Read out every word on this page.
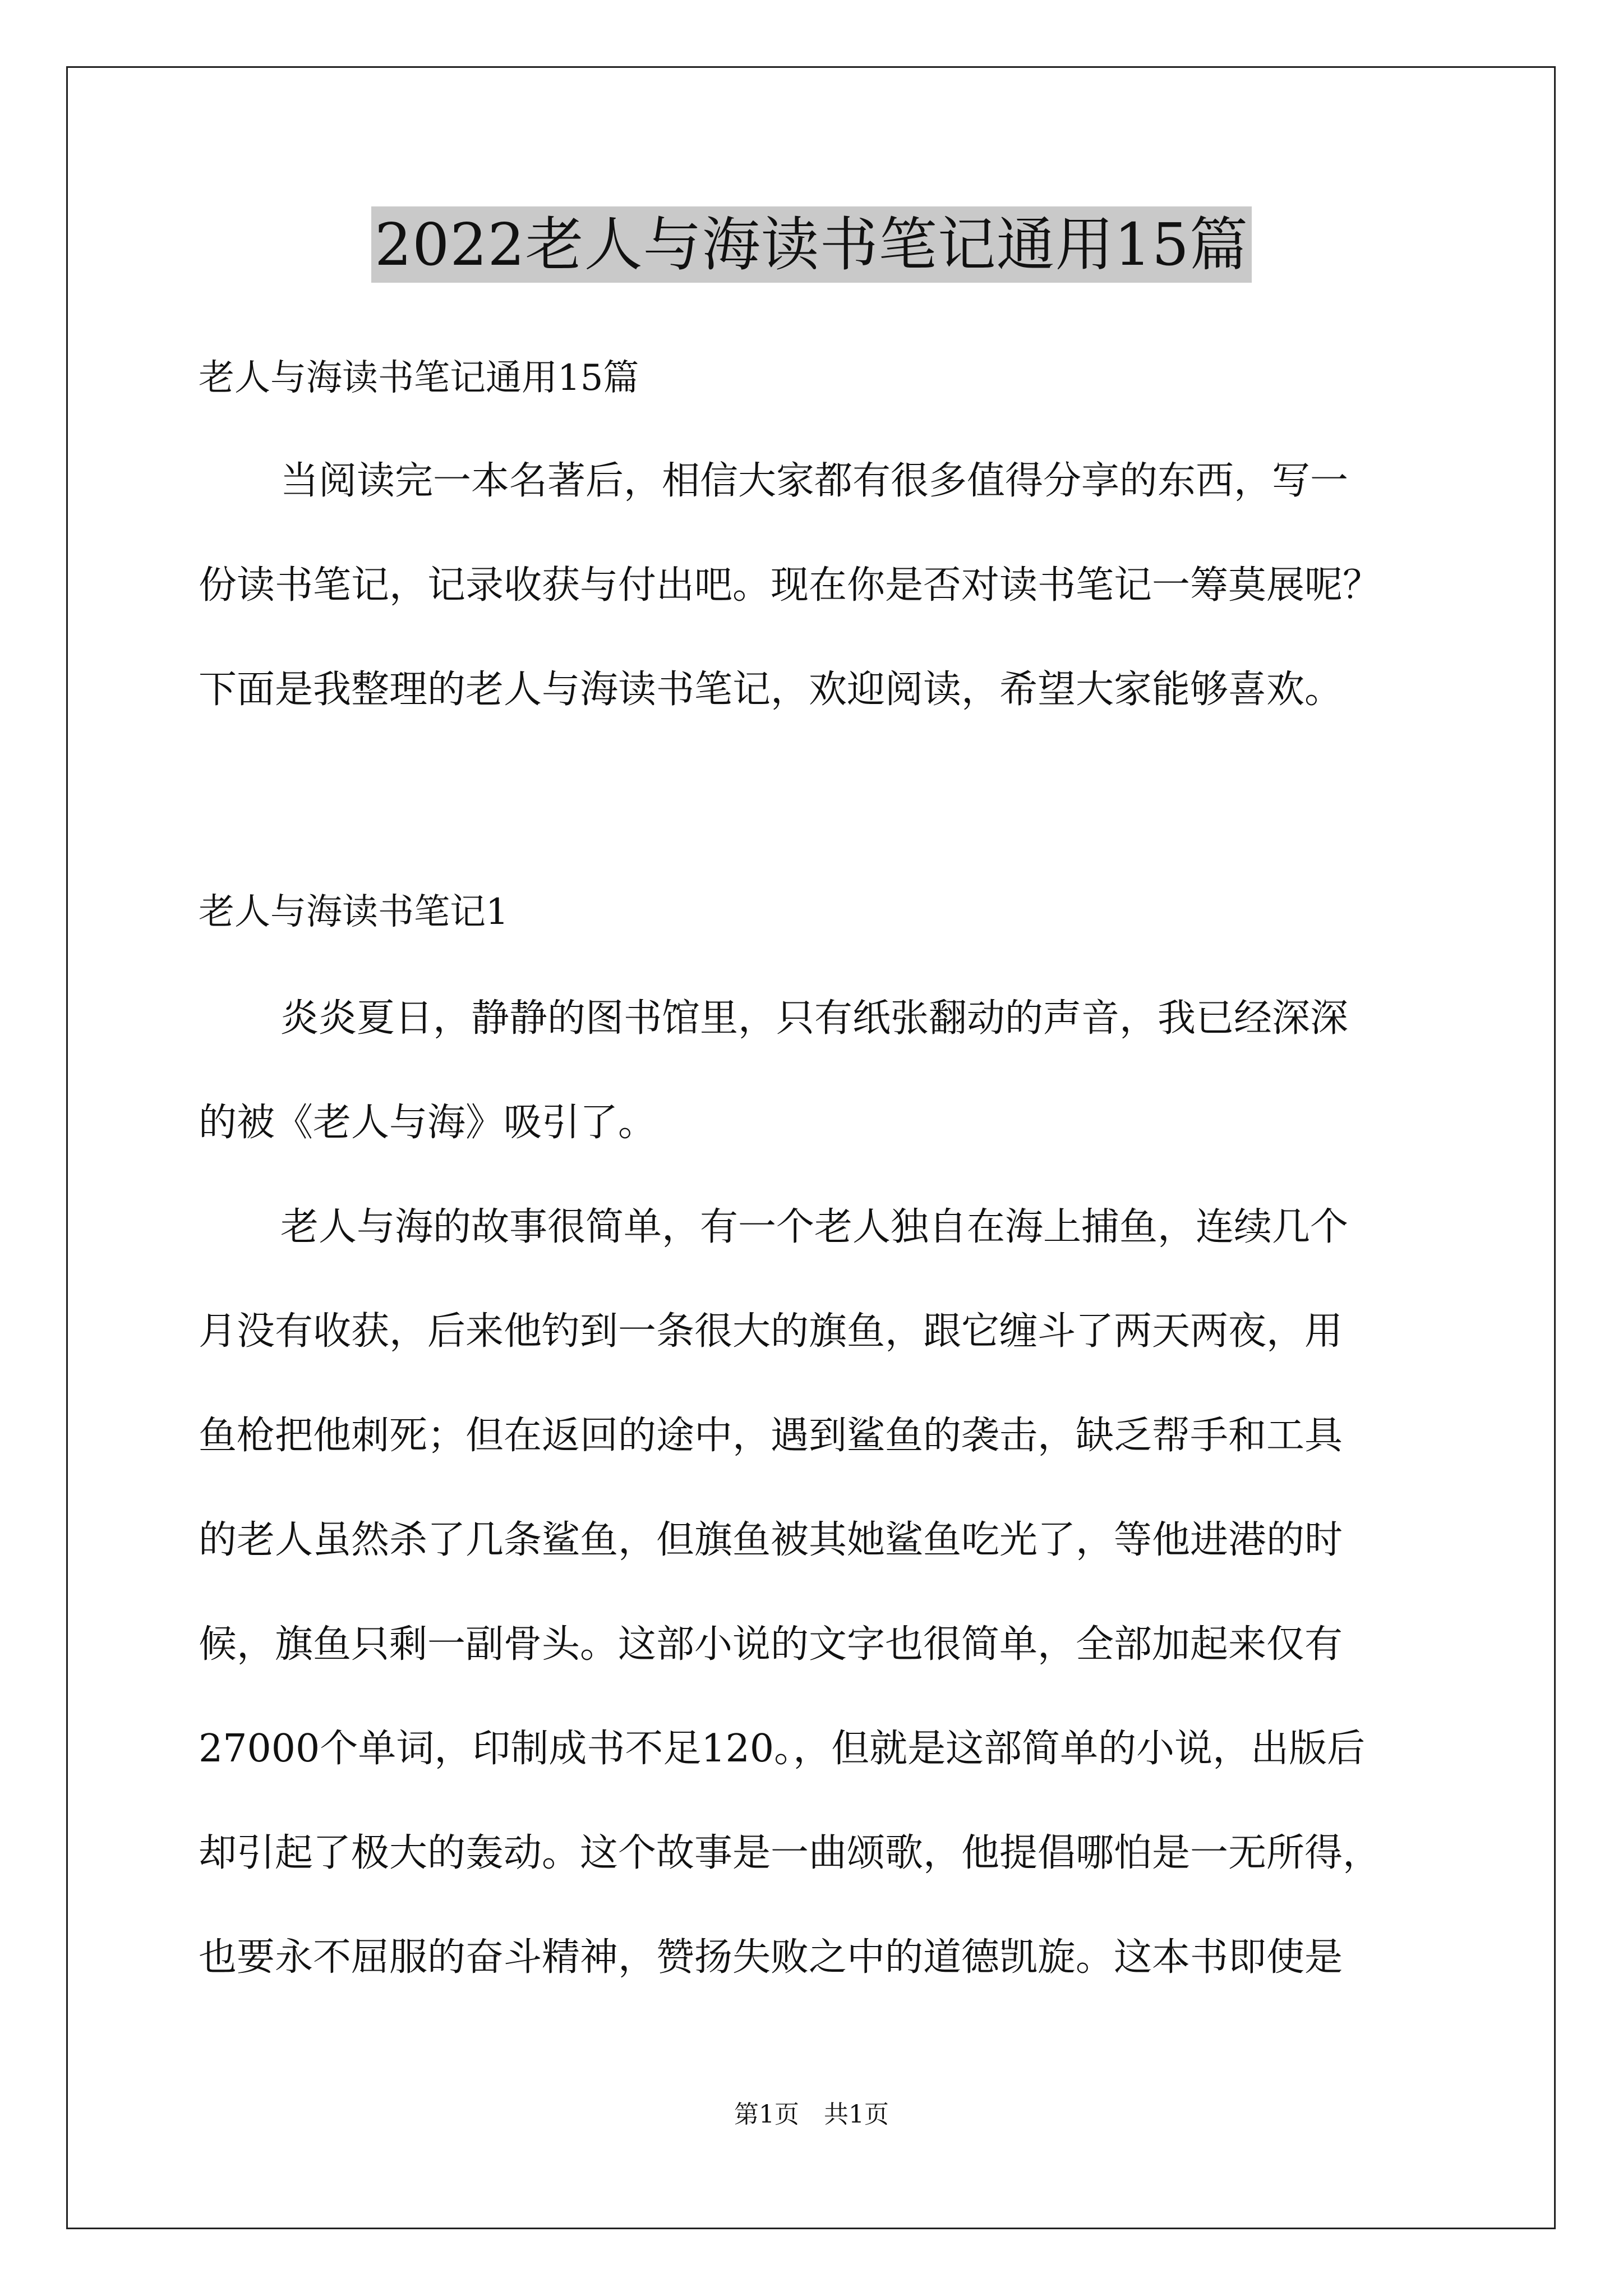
2022老人与海读书笔记通用15篇
老人与海读书笔记通用15篇
当阅读完一本名著后，相信大家都有很多值得分享的东西，写一
份读书笔记，记录收获与付出吧。现在你是否对读书笔记一筹莫展呢？
下面是我整理的老人与海读书笔记，欢迎阅读，希望大家能够喜欢。
老人与海读书笔记1
炎炎夏日，静静的图书馆里，只有纸张翻动的声音，我已经深深
的被《老人与海》吸引了。
老人与海的故事很简单，有一个老人独自在海上捕鱼，连续几个
月没有收获，后来他钓到一条很大的旗鱼，跟它缠斗了两天两夜，用
鱼枪把他刺死；但在返回的途中，遇到鲨鱼的袭击，缺乏帮手和工具
的老人虽然杀了几条鲨鱼，但旗鱼被其她鲨鱼吃光了，等他进港的时
候，旗鱼只剩一副骨头。这部小说的文字也很简单，全部加起来仅有
27000个单词，印制成书不足120。，但就是这部简单的小说，出版后
却引起了极大的轰动。这个故事是一曲颂歌，他提倡哪怕是一无所得，
也要永不屈服的奋斗精神，赞扬失败之中的道德凯旋。这本书即使是
第1页　共1页
